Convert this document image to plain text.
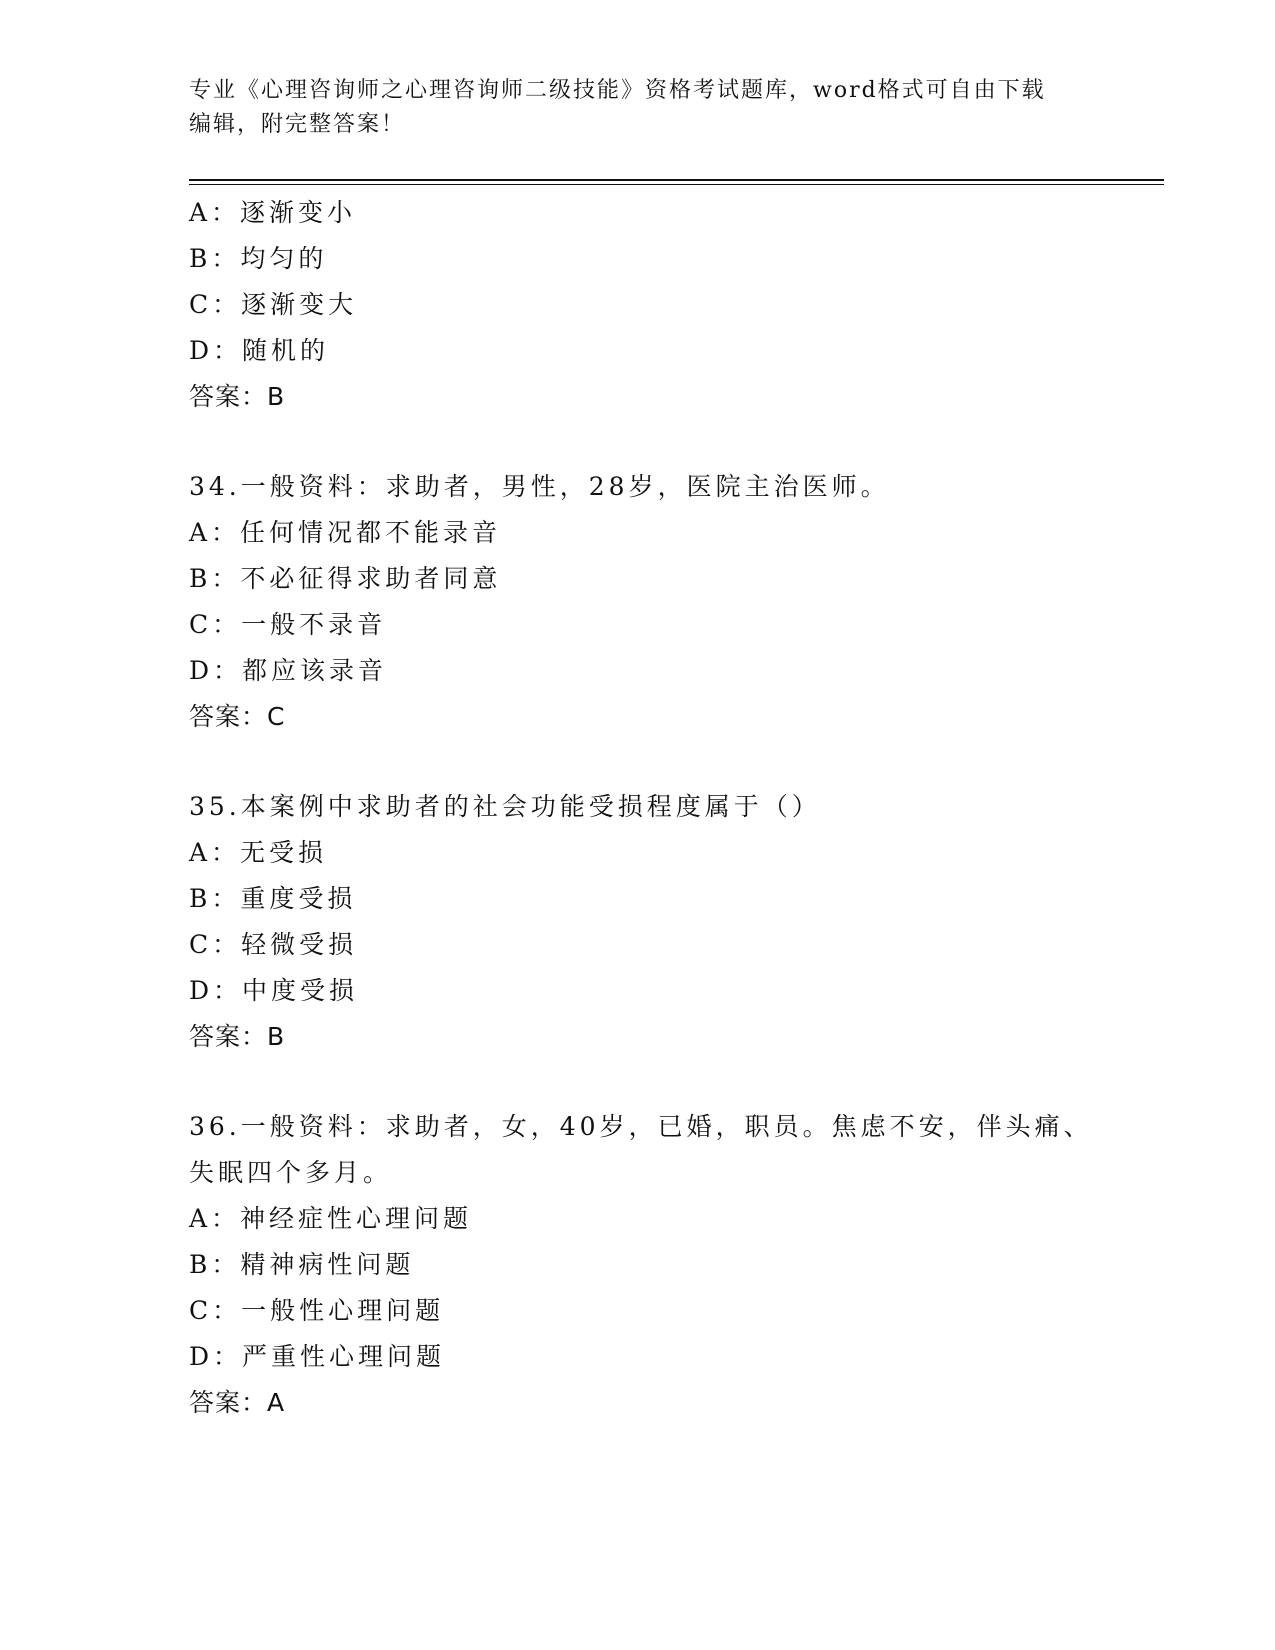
专业《心理咨询师之心理咨询师二级技能》资格考试题库，word格式可自由下载
编辑，附完整答案！
A：逐渐变小
B：均匀的
C：逐渐变大
D：随机的
答案：B
34.一般资料：求助者，男性，28岁，医院主治医师。
A：任何情况都不能录音
B：不必征得求助者同意
C：一般不录音
D：都应该录音
答案：C
35.本案例中求助者的社会功能受损程度属于（）
A：无受损
B：重度受损
C：轻微受损
D：中度受损
答案：B
36.一般资料：求助者，女，40岁，已婚，职员。焦虑不安，伴头痛、
失眠四个多月。
A：神经症性心理问题
B：精神病性问题
C：一般性心理问题
D：严重性心理问题
答案：A
